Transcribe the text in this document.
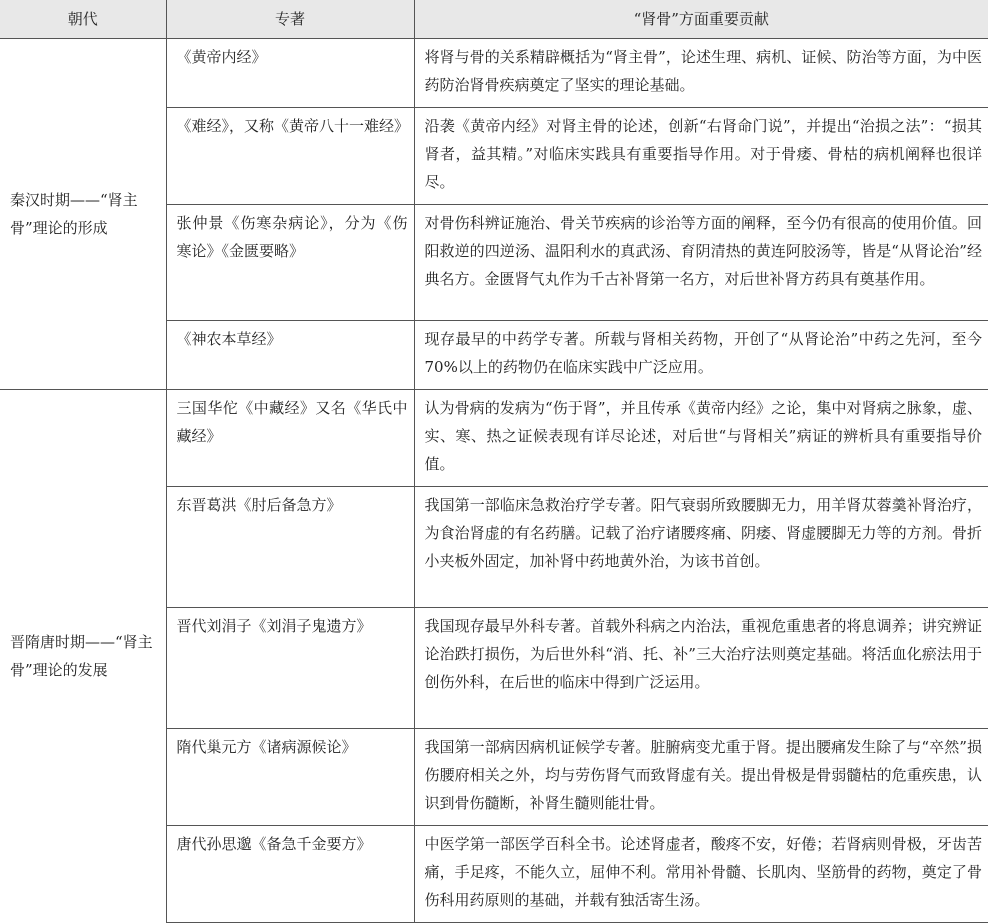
朝代	专著	“肾骨”方面重要贡献
秦汉时期——“肾主骨”理论的形成	《黄帝内经》	将肾与骨的关系精辟概括为“肾主骨”，论述生理、病机、证候、防治等方面，为中医药防治肾骨疾病奠定了坚实的理论基础。
	《难经》，又称《黄帝八十一难经》	沿袭《黄帝内经》对肾主骨的论述，创新“右肾命门说”，并提出“治损之法”：“损其肾者，益其精。”对临床实践具有重要指导作用。对于骨痿、骨枯的病机阐释也很详尽。
	张仲景《伤寒杂病论》，分为《伤寒论》《金匮要略》	对骨伤科辨证施治、骨关节疾病的诊治等方面的阐释，至今仍有很高的使用价值。回阳救逆的四逆汤、温阳利水的真武汤、育阴清热的黄连阿胶汤等，皆是“从肾论治”经典名方。金匮肾气丸作为千古补肾第一名方，对后世补肾方药具有奠基作用。
	《神农本草经》	现存最早的中药学专著。所载与肾相关药物，开创了“从肾论治”中药之先河，至今70%以上的药物仍在临床实践中广泛应用。
晋隋唐时期——“肾主骨”理论的发展	三国华佗《中藏经》又名《华氏中藏经》	认为骨病的发病为“伤于肾”，并且传承《黄帝内经》之论，集中对肾病之脉象，虚、实、寒、热之证候表现有详尽论述，对后世“与肾相关”病证的辨析具有重要指导价值。
	东晋葛洪《肘后备急方》	我国第一部临床急救治疗学专著。阳气衰弱所致腰脚无力，用羊肾苁蓉羹补肾治疗，为食治肾虚的有名药膳。记载了治疗诸腰疼痛、阴痿、肾虚腰脚无力等的方剂。骨折小夹板外固定，加补肾中药地黄外治，为该书首创。
	晋代刘涓子《刘涓子鬼遗方》	我国现存最早外科专著。首载外科病之内治法，重视危重患者的将息调养；讲究辨证论治跌打损伤，为后世外科“消、托、补”三大治疗法则奠定基础。将活血化瘀法用于创伤外科，在后世的临床中得到广泛运用。
	隋代巢元方《诸病源候论》	我国第一部病因病机证候学专著。脏腑病变尤重于肾。提出腰痛发生除了与“卒然”损伤腰府相关之外，均与劳伤肾气而致肾虚有关。提出骨极是骨弱髓枯的危重疾患，认识到骨伤髓断，补肾生髓则能壮骨。
	唐代孙思邈《备急千金要方》	中医学第一部医学百科全书。论述肾虚者，酸疼不安，好倦；若肾病则骨极，牙齿苦痛，手足疼，不能久立，屈伸不利。常用补骨髓、长肌肉、坚筋骨的药物，奠定了骨伤科用药原则的基础，并载有独活寄生汤。
